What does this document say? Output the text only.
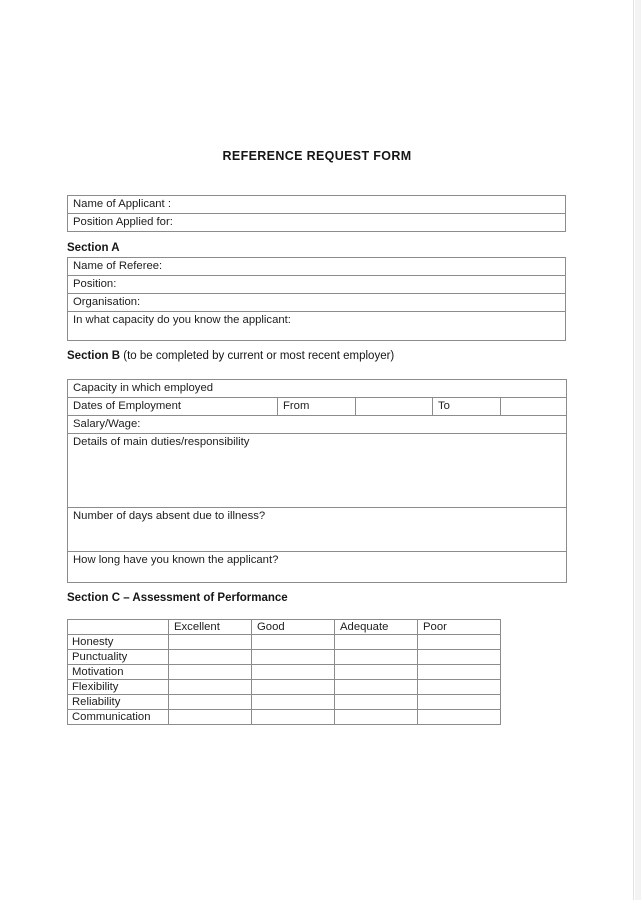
REFERENCE REQUEST FORM
Name of Applicant :

Position Applied for:
Section A
Name of Referee:

Position:

Organisation:

In what capacity do you know the applicant:
Section B (to be completed by current or most recent employer)
Capacity in which employed

Dates of Employment	From		To

Salary/Wage:

Details of main duties/responsibility

Number of days absent due to illness?

How long have you known the applicant?
Section C – Assessment of Performance

	Excellent	Good	Adequate	Poor

Honesty				

Punctuality				

Motivation				

Flexibility				

Reliability				

Communication				
